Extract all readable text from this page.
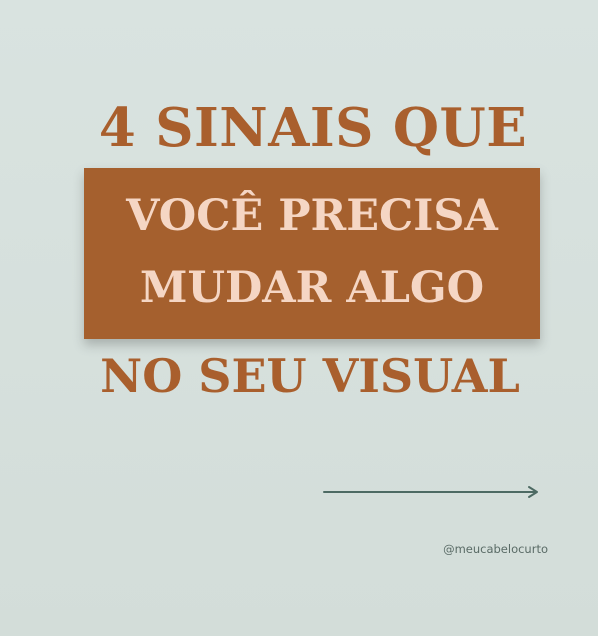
4 SINAIS QUE
VOCÊ PRECISA
MUDAR ALGO
NO SEU VISUAL
@meucabelocurto
